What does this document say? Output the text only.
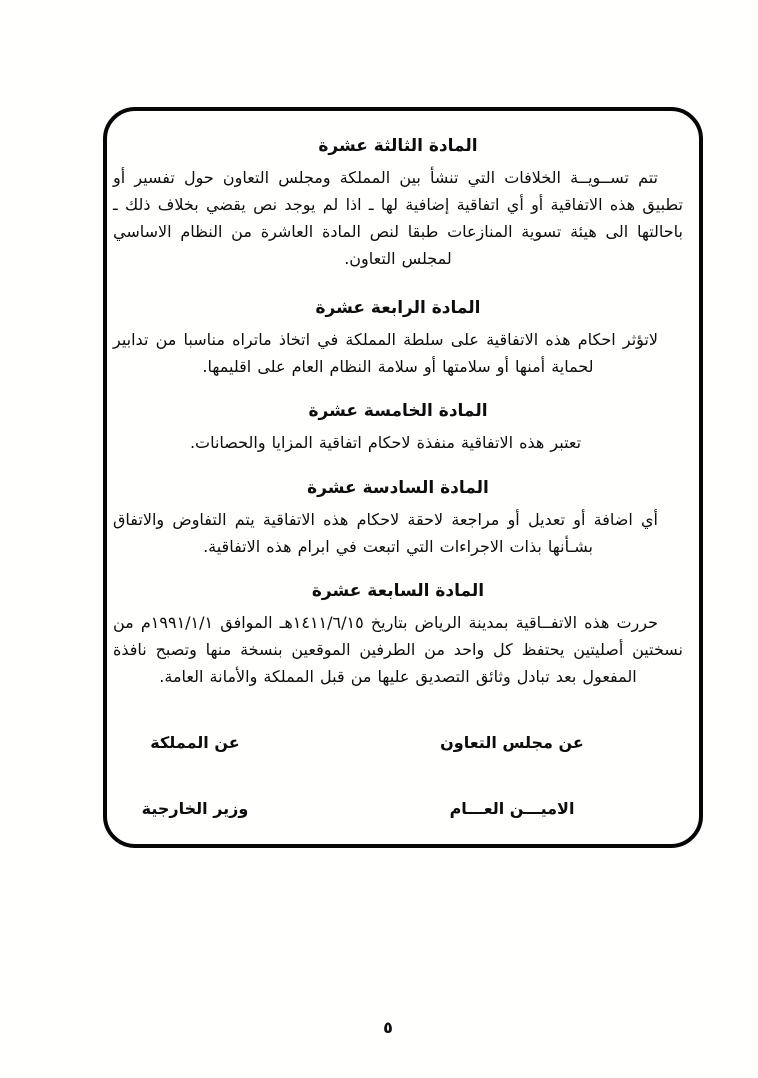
المادة الثالثة عشرة

تتم تســويــة الخلافات التي تنشأ بين المملكة ومجلس التعاون حول تفسير أو تطبيق هذه الاتفاقية أو أي اتفاقية إضافية لها ـ اذا لم يوجد نص يقضي بخلاف ذلك ـ باحالتها الى هيئة تسوية المنازعات طبقا لنص المادة العاشرة من النظام الاساسي لمجلس التعاون.

المادة الرابعة عشرة

لاتؤثر احكام هذه الاتفاقية على سلطة المملكة في اتخاذ ماتراه مناسبا من تدابير لحماية أمنها أو سلامتها أو سلامة النظام العام على اقليمها.

المادة الخامسة عشرة

تعتبر هذه الاتفاقية منفذة لاحكام اتفاقية المزايا والحصانات.

المادة السادسة عشرة

أي اضافة أو تعديل أو مراجعة لاحقة لاحكام هذه الاتفاقية يتم التفاوض والاتفاق بشـأنها بذات الاجراءات التي اتبعت في ابرام هذه الاتفاقية.

المادة السابعة عشرة

حررت هذه الاتفــاقية بمدينة الرياض بتاريخ ١٤١١/٦/١٥هـ الموافق ١٩٩١/١/١م من نسختين أصليتين يحتفظ كل واحد من الطرفين الموقعين بنسخة منها وتصبح نافذة المفعول بعد تبادل وثائق التصديق عليها من قبل المملكة والأمانة العامة.

عن مجلس التعاون
عن المملكة
الاميـــن العـــام
وزير الخارجية
٥
